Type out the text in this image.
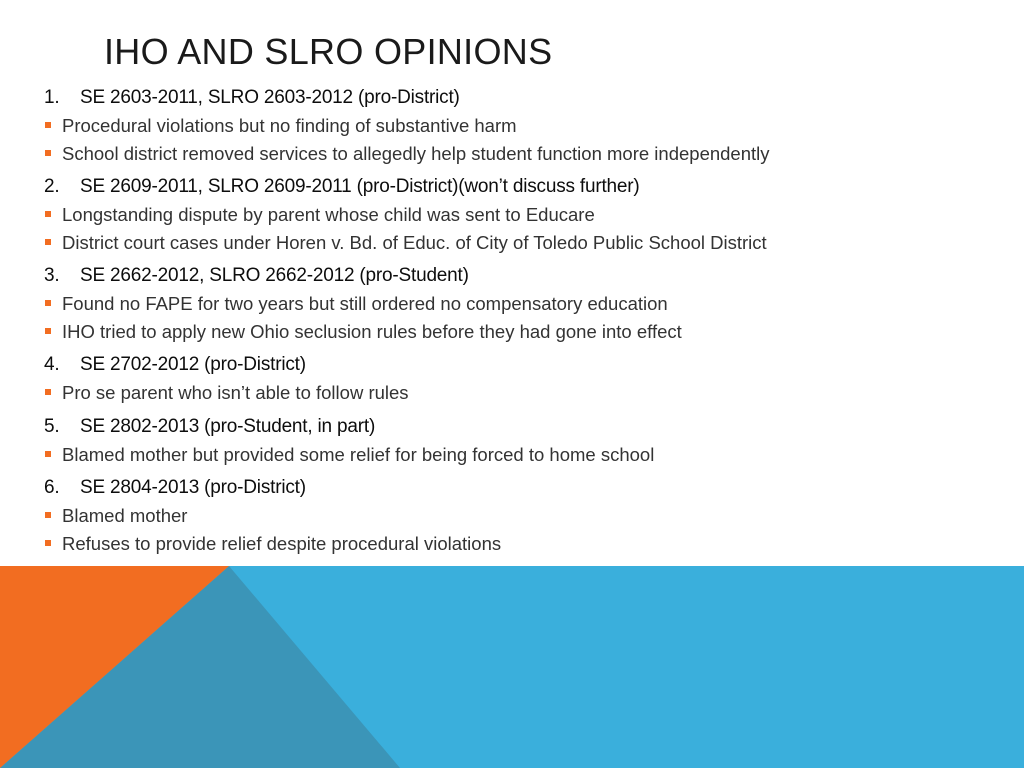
IHO AND SLRO OPINIONS
1. SE 2603-2011, SLRO 2603-2012 (pro-District)
Procedural violations but no finding of substantive harm
School district removed services to allegedly help student function more independently
2. SE 2609-2011, SLRO 2609-2011 (pro-District)(won’t discuss further)
Longstanding dispute by parent whose child was sent to Educare
District court cases under Horen v. Bd. of Educ. of City of Toledo Public School District
3. SE 2662-2012, SLRO 2662-2012 (pro-Student)
Found no FAPE for two years but still ordered no compensatory education
IHO tried to apply new Ohio seclusion rules before they had gone into effect
4. SE 2702-2012 (pro-District)
Pro se parent who isn’t able to follow rules
5. SE 2802-2013 (pro-Student, in part)
Blamed mother but provided some relief for being forced to home school
6. SE 2804-2013 (pro-District)
Blamed mother
Refuses to provide relief despite procedural violations
